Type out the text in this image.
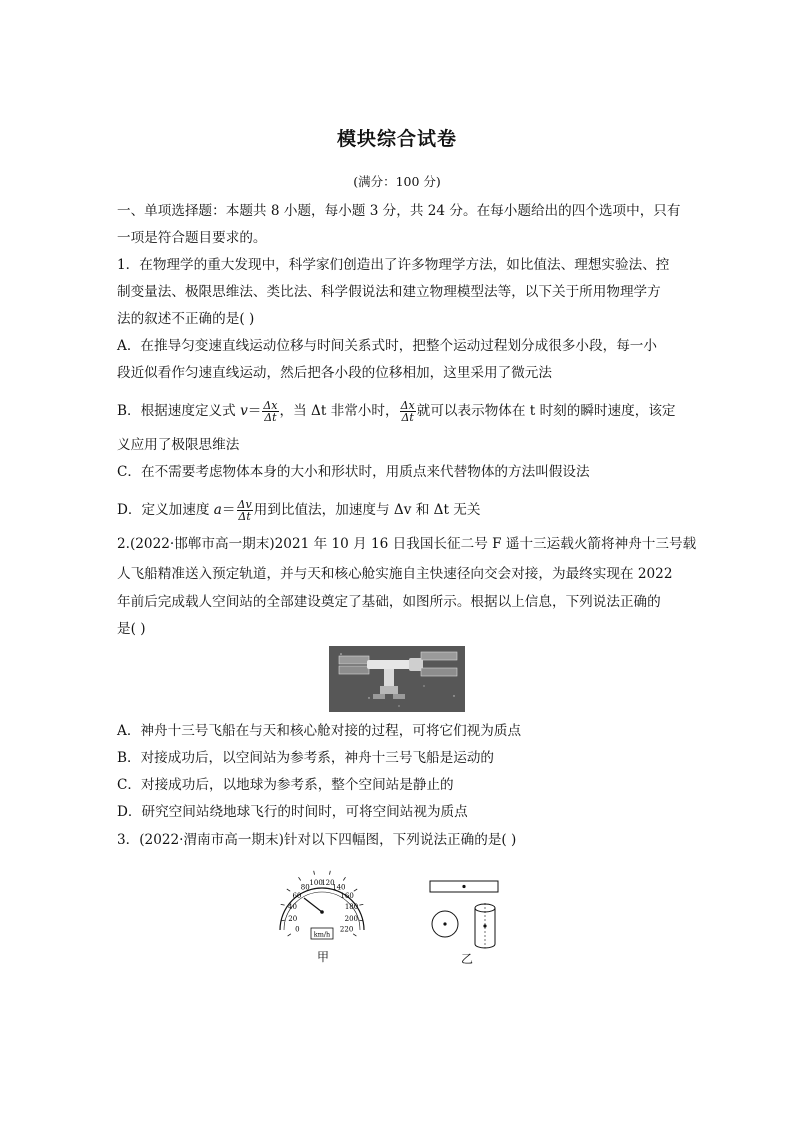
模块综合试卷
(满分：100 分)
一、单项选择题：本题共 8 小题，每小题 3 分，共 24 分。在每小题给出的四个选项中，只有
一项是符合题目要求的。
1．在物理学的重大发现中，科学家们创造出了许多物理学方法，如比值法、理想实验法、控
制变量法、极限思维法、类比法、科学假说法和建立物理模型法等，以下关于所用物理学方
法的叙述不正确的是( )
A．在推导匀变速直线运动位移与时间关系式时，把整个运动过程划分成很多小段，每一小
段近似看作匀速直线运动，然后把各小段的位移相加，这里采用了微元法
B．根据速度定义式 $v= \frac{\Delta x}{\Delta t}$ ，当 Δt 非常小时， $\frac{\Delta x}{\Delta t}$ 就可以表示物体在 t 时刻的瞬时速度，该定
义应用了极限思维法
C．在不需要考虑物体本身的大小和形状时，用质点来代替物体的方法叫假设法
D．定义加速度 $a= \frac{\Delta v}{\Delta t}$ 用到比值法，加速度与 Δv 和 Δt 无关
2.(2022·邯郸市高一期末)2021 年 10 月 16 日我国长征二号 F 遥十三运载火箭将神舟十三号载
人飞船精准送入预定轨道，并与天和核心舱实施自主快速径向交会对接，为最终实现在 2022
年前后完成载人空间站的全部建设奠定了基础，如图所示。根据以上信息，下列说法正确的
是( )
A．神舟十三号飞船在与天和核心舱对接的过程，可将它们视为质点
B．对接成功后，以空间站为参考系，神舟十三号飞船是运动的
C．对接成功后，以地球为参考系，整个空间站是静止的
D．研究空间站绕地球飞行的时间时，可将空间站视为质点
3．(2022·渭南市高一期末)针对以下四幅图，下列说法正确的是( )
0
20
40
60
80
100
120
140
160
180
200
220
km/h
甲	乙
